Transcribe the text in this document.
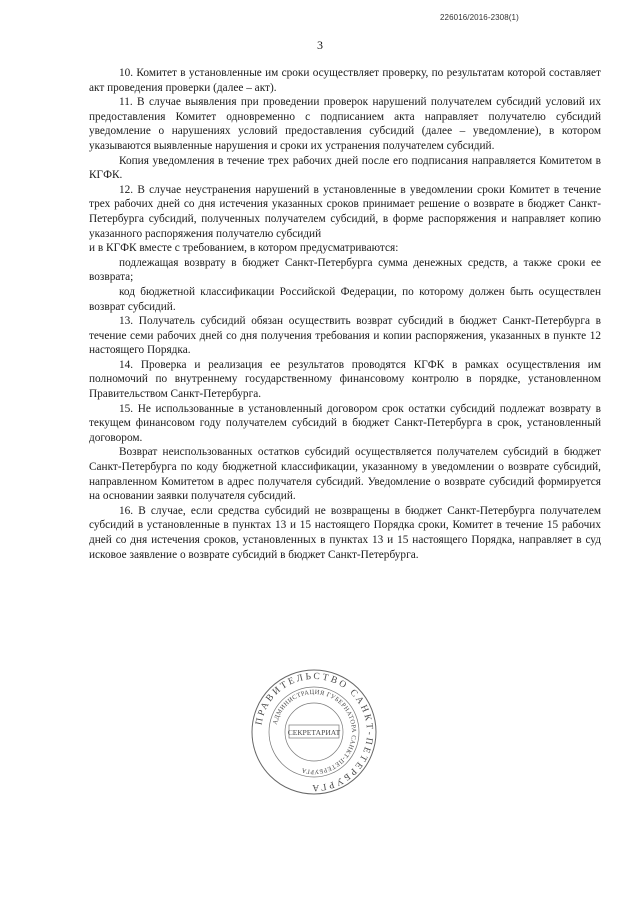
226016/2016-2308(1)
3

10. Комитет в установленные им сроки осуществляет проверку, по результатам которой составляет акт проведения проверки (далее – акт).

11. В случае выявления при проведении проверок нарушений получателем субсидий условий их предоставления Комитет одновременно с подписанием акта направляет получателю субсидий уведомление о нарушениях условий предоставления субсидий (далее – уведомление), в котором указываются выявленные нарушения и сроки их устранения получателем субсидий.

Копия уведомления в течение трех рабочих дней после его подписания направляется Комитетом в КГФК.

12. В случае неустранения нарушений в установленные в уведомлении сроки Комитет в течение трех рабочих дней со дня истечения указанных сроков принимает решение о возврате в бюджет Санкт-Петербурга субсидий, полученных получателем субсидий, в форме распоряжения и направляет копию указанного распоряжения получателю субсидий

и в КГФК вместе с требованием, в котором предусматриваются:

подлежащая возврату в бюджет Санкт-Петербурга сумма денежных средств, а также сроки ее возврата;

код бюджетной классификации Российской Федерации, по которому должен быть осуществлен возврат субсидий.

13. Получатель субсидий обязан осуществить возврат субсидий в бюджет Санкт-Петербурга в течение семи рабочих дней со дня получения требования и копии распоряжения, указанных в пункте 12 настоящего Порядка.

14. Проверка и реализация ее результатов проводятся КГФК в рамках осуществления им полномочий по внутреннему государственному финансовому контролю в порядке, установленном Правительством Санкт-Петербурга.

15. Не использованные в установленный договором срок остатки субсидий подлежат возврату в текущем финансовом году получателем субсидий в бюджет Санкт-Петербурга в срок, установленный договором.

Возврат неиспользованных остатков субсидий осуществляется получателем субсидий в бюджет Санкт-Петербурга по коду бюджетной классификации, указанному в уведомлении о возврате субсидий, направленном Комитетом в адрес получателя субсидий. Уведомление о возврате субсидий формируется на основании заявки получателя субсидий.

16. В случае, если средства субсидий не возвращены в бюджет Санкт-Петербурга получателем субсидий в установленные в пунктах 13 и 15 настоящего Порядка сроки, Комитет в течение 15 рабочих дней со дня истечения сроков, установленных в пунктах 13 и 15 настоящего Порядка, направляет в суд исковое заявление о возврате субсидий в бюджет Санкт-Петербурга.

ПРАВИТЕЛЬСТВО САНКТ-ПЕТЕРБУРГА
АДМИНИСТРАЦИЯ ГУБЕРНАТОРА САНКТ-ПЕТЕРБУРГА
СЕКРЕТАРИАТ
